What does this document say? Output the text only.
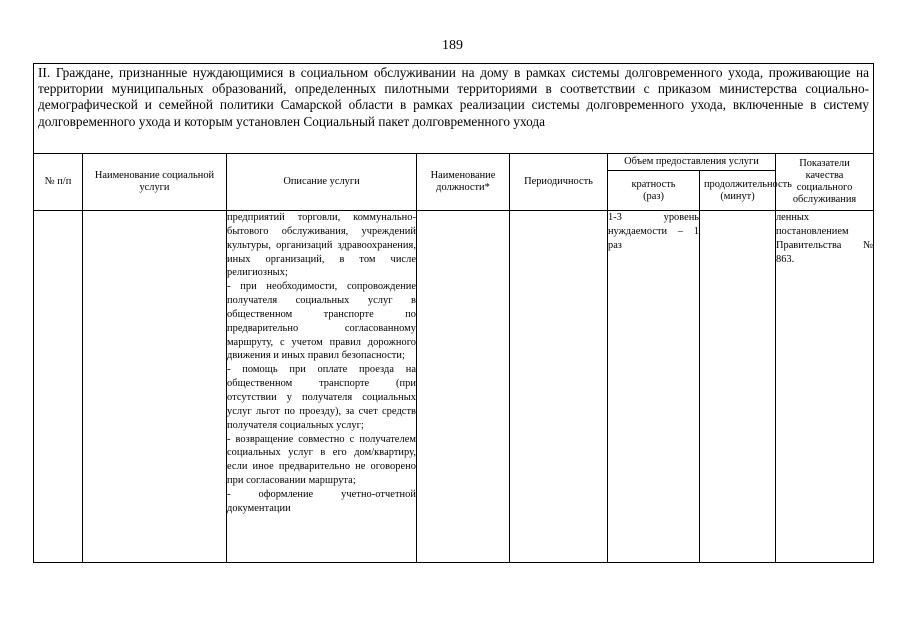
189
II. Граждане, признанные нуждающимися в социальном обслуживании на дому в рамках системы долговременного ухода, проживающие на территории муниципальных образований, определенных пилотными территориями в соответствии с приказом министерства социально-демографической и семейной политики Самарской области в рамках реализации системы долговременного ухода, включенные в систему долговременного ухода и которым установлен Социальный пакет долговременного ухода							
№ п/п	Наименование социальной услуги	Описание услуги	Наименование должности*	Периодичность	Объем предоставления услуги		Показатели качества социального обслуживания
					кратность (раз)	продолжительность (минут)	
		предприятий торговли, коммунально-бытового обслуживания, учреждений культуры, организаций здравоохранения, иных организаций, в том числе религиозных;
- при необходимости, сопровождение получателя социальных услуг в общественном транспорте по предварительно согласованному маршруту, с учетом правил дорожного движения и иных правил безопасности;
- помощь при оплате проезда на общественном транспорте (при отсутствии у получателя социальных услуг льгот по проезду), за счет средств получателя социальных услуг;
- возвращение совместно с получателем социальных услуг в его дом/квартиру, если иное предварительно не оговорено при согласовании маршрута;
- оформление учетно-отчетной документации			1-3 уровень нуждаемости – 1 раз		ленных постановлением Правительства № 863.
